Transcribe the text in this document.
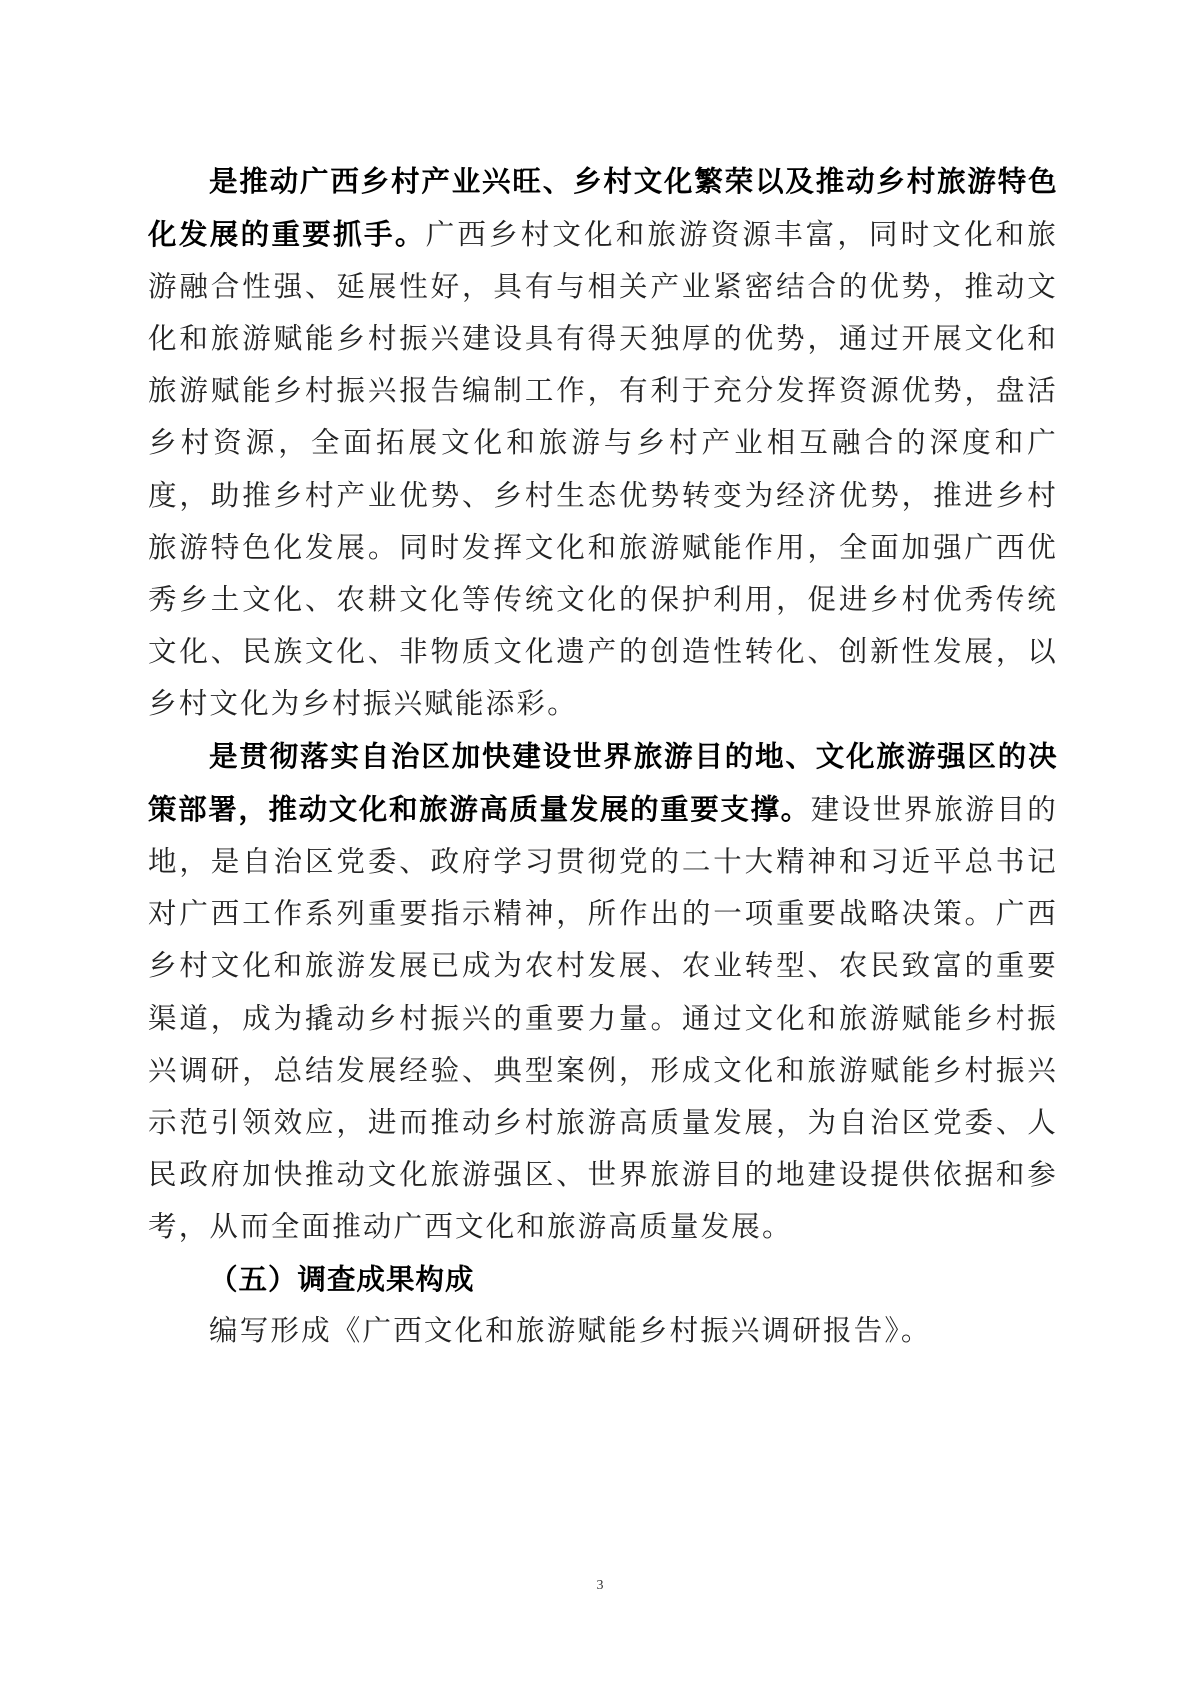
是推动广西乡村产业兴旺、乡村文化繁荣以及推动乡村旅游特色化发展的重要抓手。广西乡村文化和旅游资源丰富，同时文化和旅游融合性强、延展性好，具有与相关产业紧密结合的优势，推动文化和旅游赋能乡村振兴建设具有得天独厚的优势，通过开展文化和旅游赋能乡村振兴报告编制工作，有利于充分发挥资源优势，盘活乡村资源，全面拓展文化和旅游与乡村产业相互融合的深度和广度，助推乡村产业优势、乡村生态优势转变为经济优势，推进乡村旅游特色化发展。同时发挥文化和旅游赋能作用，全面加强广西优秀乡土文化、农耕文化等传统文化的保护利用，促进乡村优秀传统文化、民族文化、非物质文化遗产的创造性转化、创新性发展，以乡村文化为乡村振兴赋能添彩。

是贯彻落实自治区加快建设世界旅游目的地、文化旅游强区的决策部署，推动文化和旅游高质量发展的重要支撑。建设世界旅游目的地，是自治区党委、政府学习贯彻党的二十大精神和习近平总书记对广西工作系列重要指示精神，所作出的一项重要战略决策。广西乡村文化和旅游发展已成为农村发展、农业转型、农民致富的重要渠道，成为撬动乡村振兴的重要力量。通过文化和旅游赋能乡村振兴调研，总结发展经验、典型案例，形成文化和旅游赋能乡村振兴示范引领效应，进而推动乡村旅游高质量发展，为自治区党委、人民政府加快推动文化旅游强区、世界旅游目的地建设提供依据和参考，从而全面推动广西文化和旅游高质量发展。

（五）调查成果构成

编写形成《广西文化和旅游赋能乡村振兴调研报告》。

3
